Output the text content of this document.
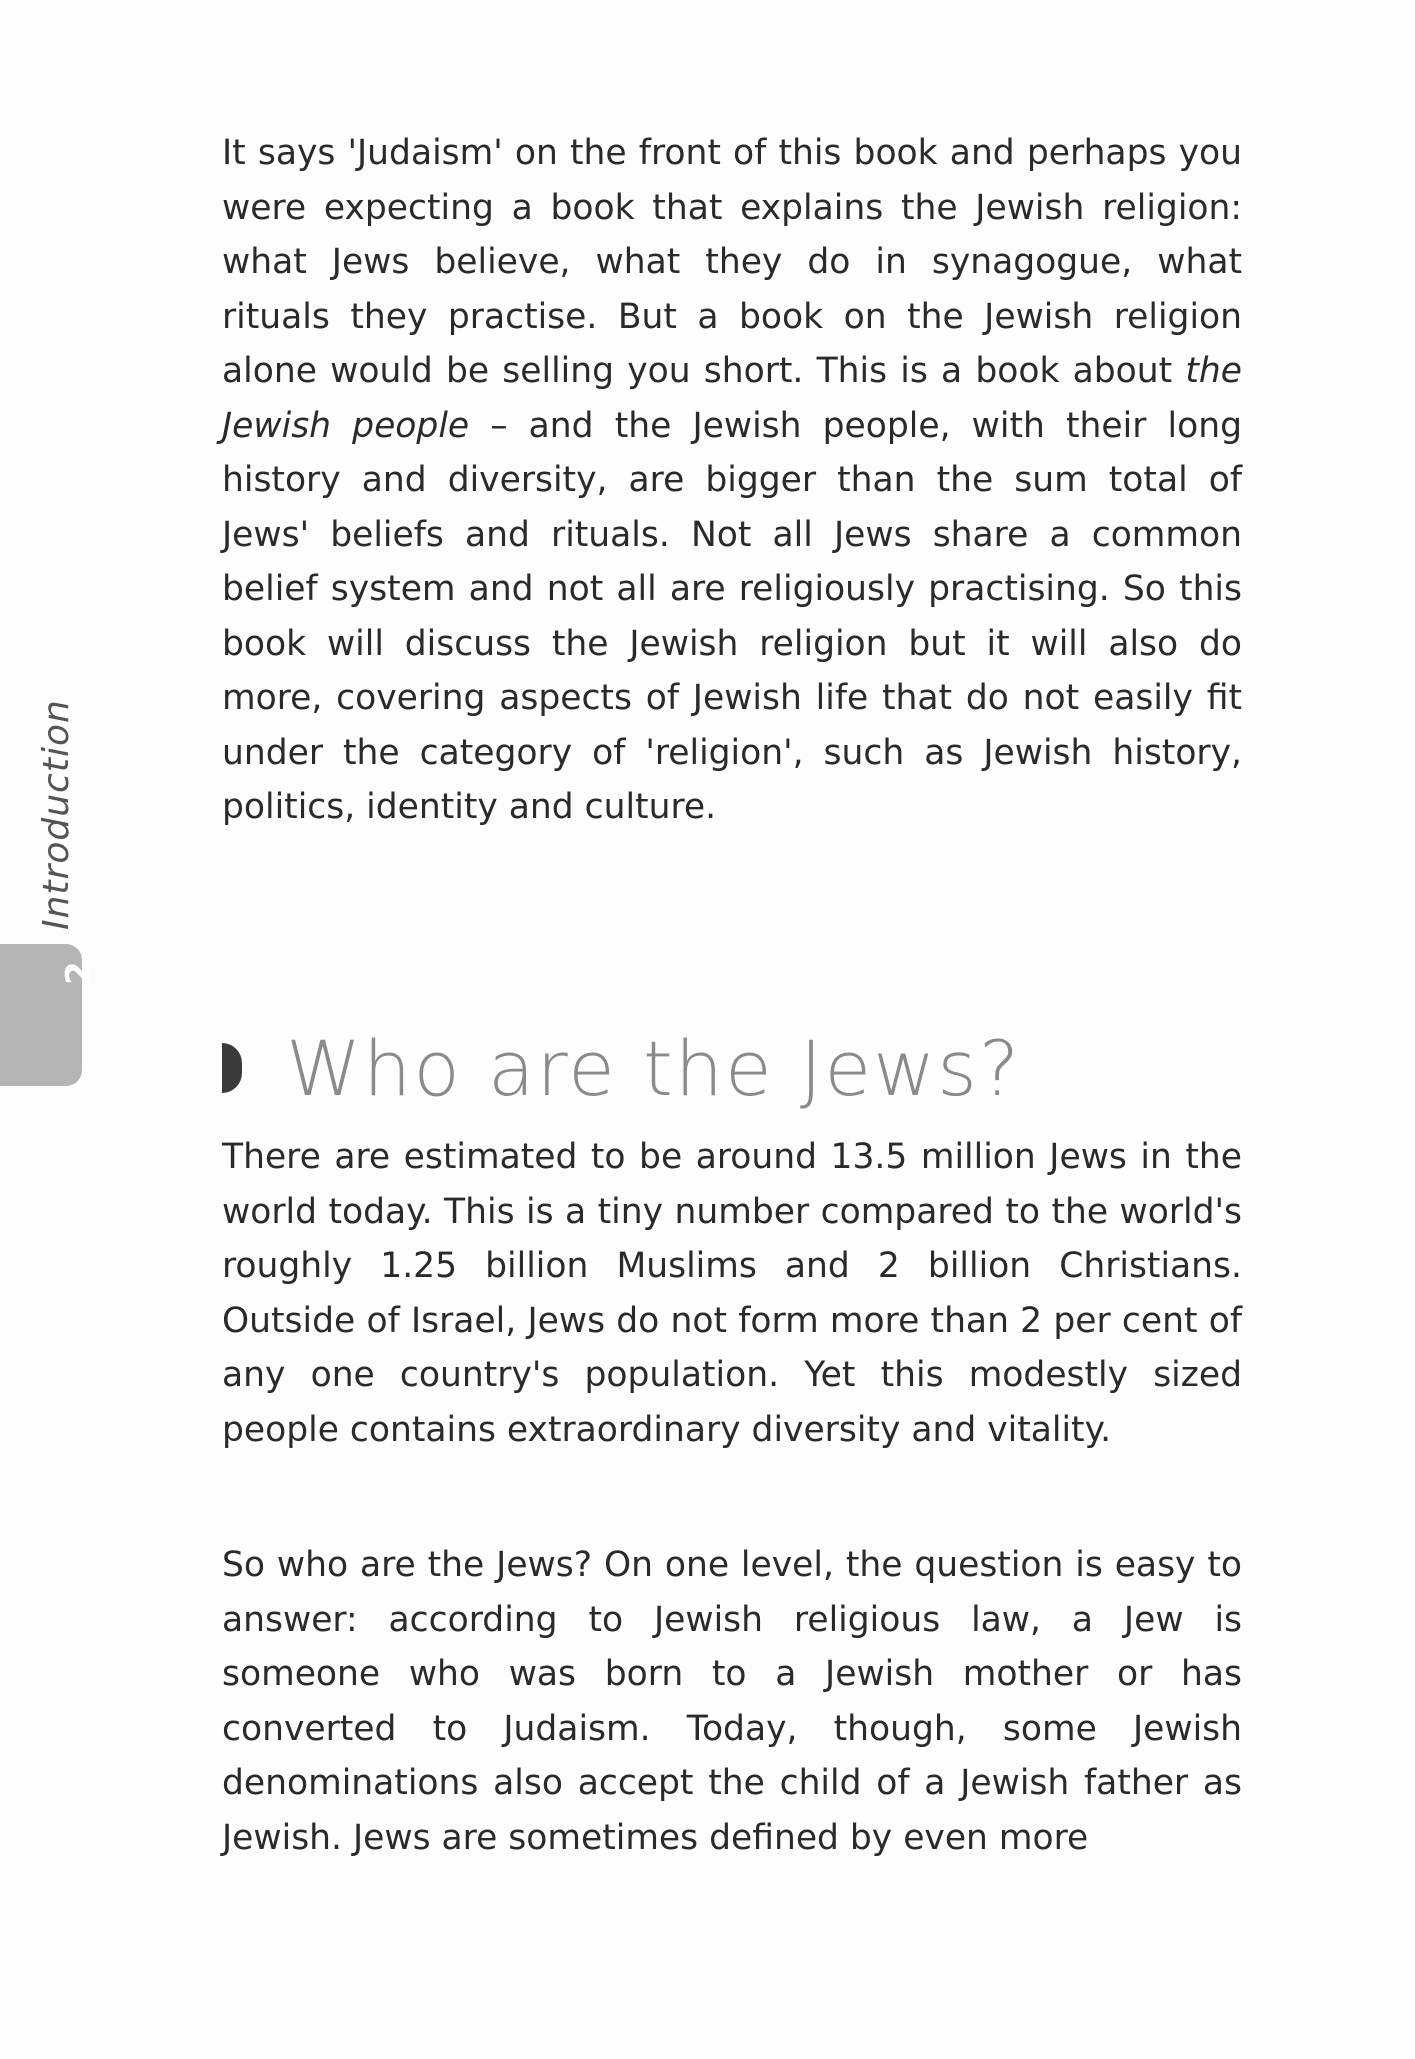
Introduction
2

It says 'Judaism' on the front of this book and perhaps you were expecting a book that explains the Jewish religion: what Jews believe, what they do in synagogue, what rituals they practise. But a book on the Jewish religion alone would be selling you short. This is a book about the Jewish people – and the Jewish people, with their long history and diversity, are bigger than the sum total of Jews' beliefs and rituals. Not all Jews share a common belief system and not all are religiously practising. So this book will discuss the Jewish religion but it will also do more, covering aspects of Jewish life that do not easily fit under the category of 'religion', such as Jewish history, politics, identity and culture.

Who are the Jews?

There are estimated to be around 13.5 million Jews in the world today. This is a tiny number compared to the world's roughly 1.25 billion Muslims and 2 billion Christians. Outside of Israel, Jews do not form more than 2 per cent of any one country's population. Yet this modestly sized people contains extraordinary diversity and vitality.

So who are the Jews? On one level, the question is easy to answer: according to Jewish religious law, a Jew is someone who was born to a Jewish mother or has converted to Judaism. Today, though, some Jewish denominations also accept the child of a Jewish father as Jewish. Jews are sometimes defined by even more
